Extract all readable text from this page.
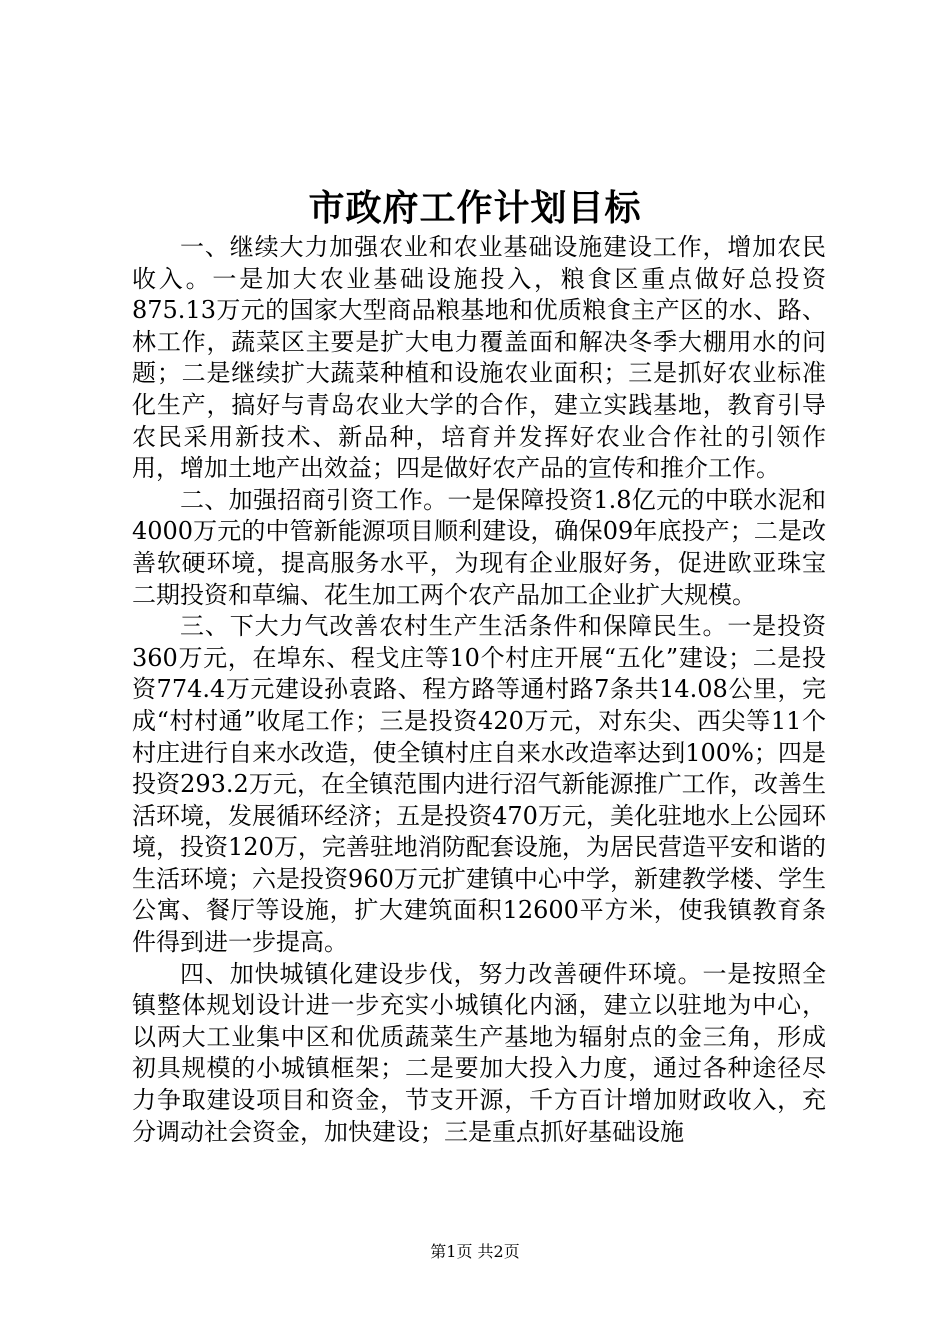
市政府工作计划目标

一、继续大力加强农业和农业基础设施建设工作，增加农民收入。一是加大农业基础设施投入，粮食区重点做好总投资875.13万元的国家大型商品粮基地和优质粮食主产区的水、路、林工作，蔬菜区主要是扩大电力覆盖面和解决冬季大棚用水的问题；二是继续扩大蔬菜种植和设施农业面积；三是抓好农业标准化生产，搞好与青岛农业大学的合作，建立实践基地，教育引导农民采用新技术、新品种，培育并发挥好农业合作社的引领作用，增加土地产出效益；四是做好农产品的宣传和推介工作。

二、加强招商引资工作。一是保障投资1.8亿元的中联水泥和4000万元的中管新能源项目顺利建设，确保09年底投产；二是改善软硬环境，提高服务水平，为现有企业服好务，促进欧亚珠宝二期投资和草编、花生加工两个农产品加工企业扩大规模。

三、下大力气改善农村生产生活条件和保障民生。一是投资360万元，在埠东、程戈庄等10个村庄开展“五化”建设；二是投资774.4万元建设孙袁路、程方路等通村路7条共14.08公里，完成“村村通”收尾工作；三是投资420万元，对东尖、西尖等11个村庄进行自来水改造，使全镇村庄自来水改造率达到100%；四是投资293.2万元，在全镇范围内进行沼气新能源推广工作，改善生活环境，发展循环经济；五是投资470万元，美化驻地水上公园环境，投资120万，完善驻地消防配套设施，为居民营造平安和谐的生活环境；六是投资960万元扩建镇中心中学，新建教学楼、学生公寓、餐厅等设施，扩大建筑面积12600平方米，使我镇教育条件得到进一步提高。

四、加快城镇化建设步伐，努力改善硬件环境。一是按照全镇整体规划设计进一步充实小城镇化内涵，建立以驻地为中心，以两大工业集中区和优质蔬菜生产基地为辐射点的金三角，形成初具规模的小城镇框架；二是要加大投入力度，通过各种途径尽力争取建设项目和资金，节支开源，千方百计增加财政收入，充分调动社会资金，加快建设；三是重点抓好基础设施

第1页 共2页
